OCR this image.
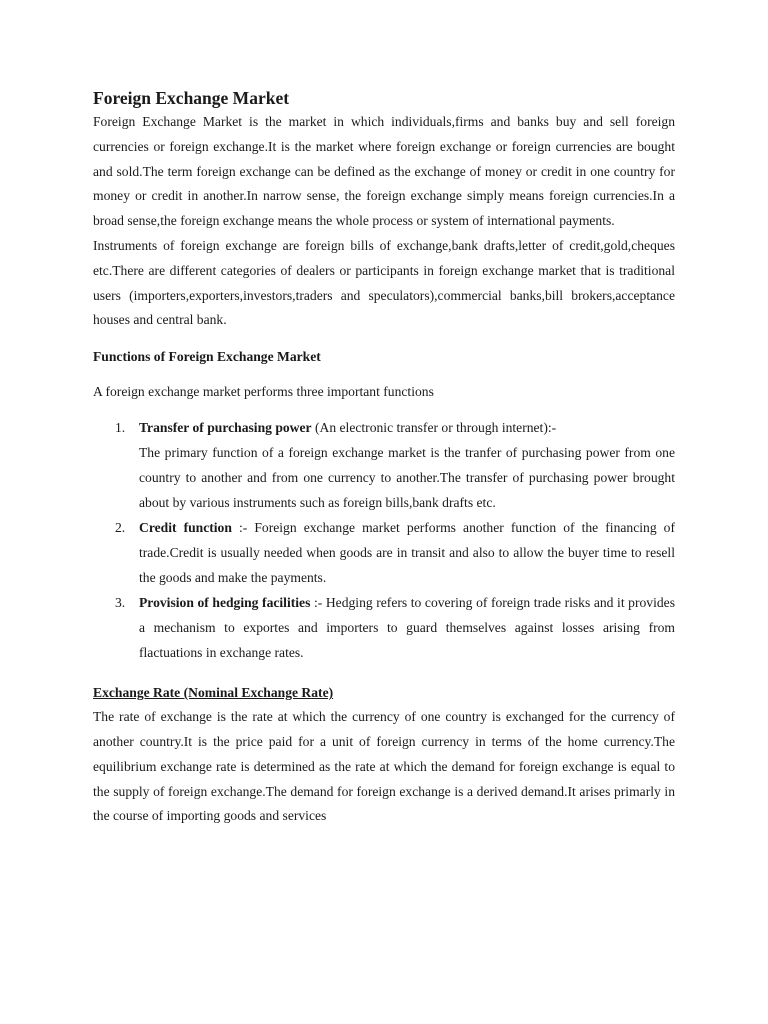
Foreign Exchange Market

Foreign Exchange Market is the market in which individuals,firms and banks buy and sell foreign currencies or foreign exchange.It is the market where foreign exchange or foreign currencies are bought and sold.The term foreign exchange can be defined as the exchange of money or credit in one country for money or credit in another.In narrow sense, the foreign exchange simply means foreign currencies.In a broad sense,the foreign exchange means the whole process or system of international payments.

Instruments of foreign exchange are foreign bills of exchange,bank drafts,letter of credit,gold,cheques etc.There are different categories of dealers or participants in foreign exchange market that is traditional users (importers,exporters,investors,traders and speculators),commercial banks,bill brokers,acceptance houses and central bank.

Functions of Foreign Exchange Market

A foreign exchange market performs three important functions

1. Transfer of purchasing power (An electronic transfer or through internet):-
The primary function of a foreign exchange market is the tranfer of purchasing power from one country to another and from one currency to another.The transfer of purchasing power brought about by various instruments such as foreign bills,bank drafts etc.
2. Credit function :- Foreign exchange market performs another function of the financing of trade.Credit is usually needed when goods are in transit and also to allow the buyer time to resell the goods and make the payments.
3. Provision of hedging facilities :- Hedging refers to covering of foreign trade risks and it provides a mechanism to exportes and importers to guard themselves against losses arising from flactuations in exchange rates.
Exchange Rate (Nominal Exchange Rate)

The rate of exchange is the rate at which the currency of one country is exchanged for the currency of another country.It is the price paid for a unit of foreign currency in terms of the home currency.The equilibrium exchange rate is determined as the rate at which the demand for foreign exchange is equal to the supply of foreign exchange.The demand for foreign exchange is a derived demand.It arises primarly in the course of importing goods and services
